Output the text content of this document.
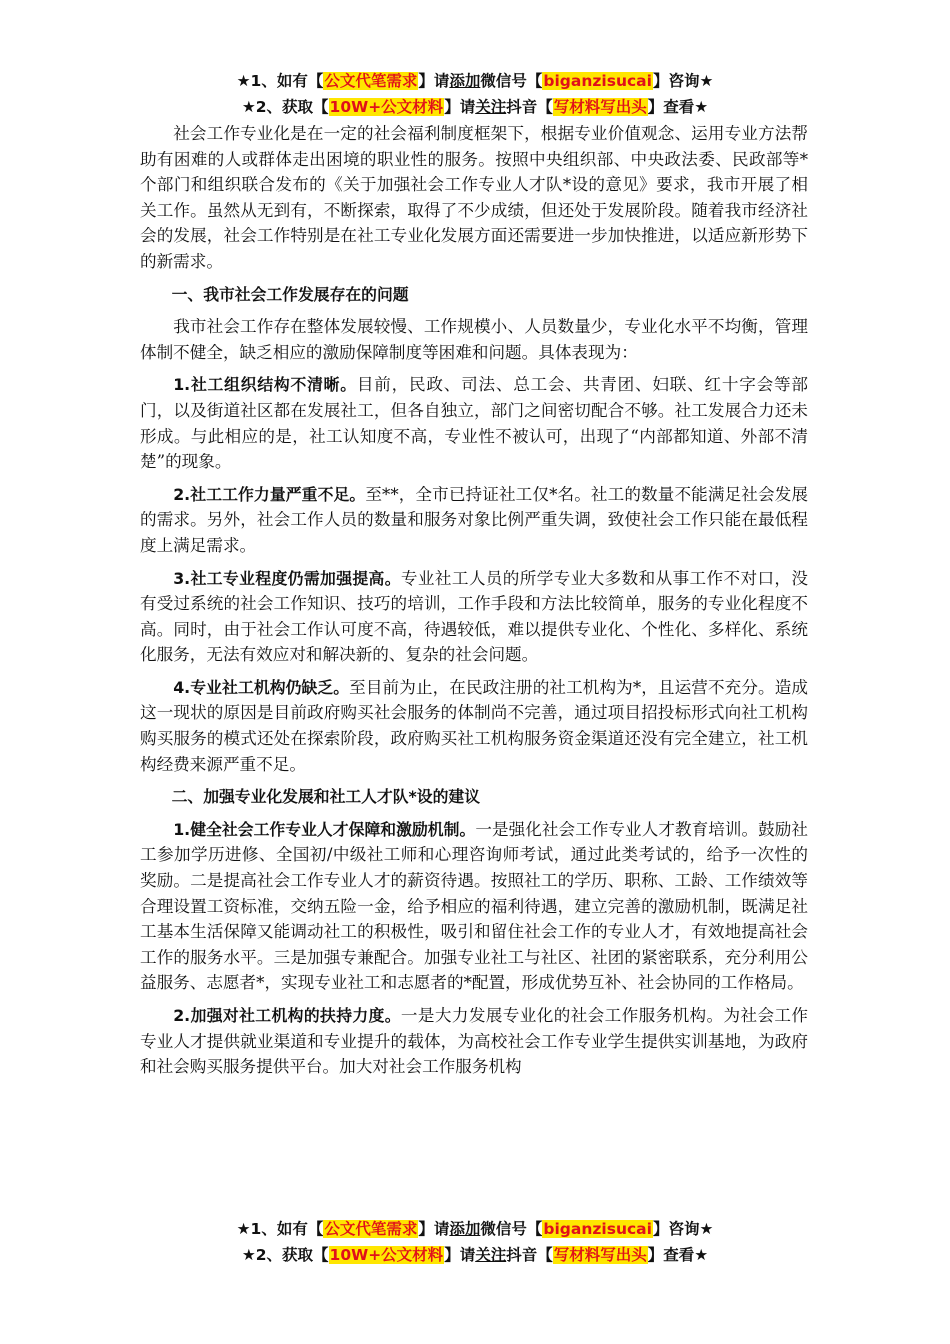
★1、如有【公文代笔需求】请添加微信号【biganzisucai】咨询★
★2、获取【10W+公文材料】请关注抖音【写材料写出头】查看★

社会工作专业化是在一定的社会福利制度框架下，根据专业价值观念、运用专业方法帮助有困难的人或群体走出困境的职业性的服务。按照中央组织部、中央政法委、民政部等*个部门和组织联合发布的《关于加强社会工作专业人才队*设的意见》要求，我市开展了相关工作。虽然从无到有，不断探索，取得了不少成绩，但还处于发展阶段。随着我市经济社会的发展，社会工作特别是在社工专业化发展方面还需要进一步加快推进，以适应新形势下的新需求。

一、我市社会工作发展存在的问题

我市社会工作存在整体发展较慢、工作规模小、人员数量少，专业化水平不均衡，管理体制不健全，缺乏相应的激励保障制度等困难和问题。具体表现为：

1.社工组织结构不清晰。目前，民政、司法、总工会、共青团、妇联、红十字会等部门，以及街道社区都在发展社工，但各自独立，部门之间密切配合不够。社工发展合力还未形成。与此相应的是，社工认知度不高，专业性不被认可，出现了“内部都知道、外部不清楚”的现象。

2.社工工作力量严重不足。至**，全市已持证社工仅*名。社工的数量不能满足社会发展的需求。另外，社会工作人员的数量和服务对象比例严重失调，致使社会工作只能在最低程度上满足需求。

3.社工专业程度仍需加强提高。专业社工人员的所学专业大多数和从事工作不对口，没有受过系统的社会工作知识、技巧的培训，工作手段和方法比较简单，服务的专业化程度不高。同时，由于社会工作认可度不高，待遇较低，难以提供专业化、个性化、多样化、系统化服务，无法有效应对和解决新的、复杂的社会问题。

4.专业社工机构仍缺乏。至目前为止，在民政注册的社工机构为*，且运营不充分。造成这一现状的原因是目前政府购买社会服务的体制尚不完善，通过项目招投标形式向社工机构购买服务的模式还处在探索阶段，政府购买社工机构服务资金渠道还没有完全建立，社工机构经费来源严重不足。

二、加强专业化发展和社工人才队*设的建议

1.健全社会工作专业人才保障和激励机制。一是强化社会工作专业人才教育培训。鼓励社工参加学历进修、全国初/中级社工师和心理咨询师考试，通过此类考试的，给予一次性的奖励。二是提高社会工作专业人才的薪资待遇。按照社工的学历、职称、工龄、工作绩效等合理设置工资标准，交纳五险一金，给予相应的福利待遇，建立完善的激励机制，既满足社工基本生活保障又能调动社工的积极性，吸引和留住社会工作的专业人才，有效地提高社会工作的服务水平。三是加强专兼配合。加强专业社工与社区、社团的紧密联系，充分利用公益服务、志愿者*，实现专业社工和志愿者的*配置，形成优势互补、社会协同的工作格局。

2.加强对社工机构的扶持力度。一是大力发展专业化的社会工作服务机构。为社会工作专业人才提供就业渠道和专业提升的载体，为高校社会工作专业学生提供实训基地，为政府和社会购买服务提供平台。加大对社会工作服务机构

★1、如有【公文代笔需求】请添加微信号【biganzisucai】咨询★
★2、获取【10W+公文材料】请关注抖音【写材料写出头】查看★
